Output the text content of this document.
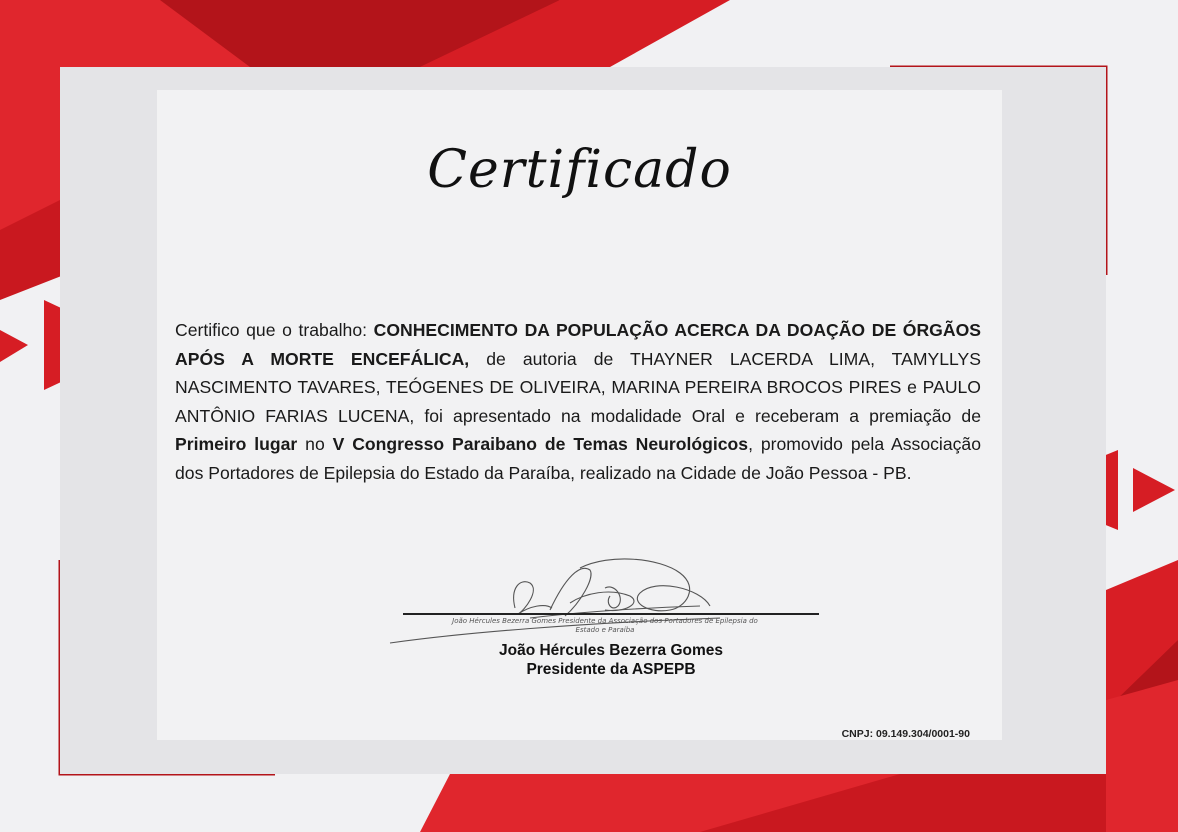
Certificado
Certifico que o trabalho: CONHECIMENTO DA POPULAÇÃO ACERCA DA DOAÇÃO DE ÓRGÃOS APÓS A MORTE ENCEFÁLICA, de autoria de THAYNER LACERDA LIMA, TAMYLLYS NASCIMENTO TAVARES, TEÓGENES DE OLIVEIRA, MARINA PEREIRA BROCOS PIRES e PAULO ANTÔNIO FARIAS LUCENA, foi apresentado na modalidade Oral e receberam a premiação de Primeiro lugar no V Congresso Paraibano de Temas Neurológicos, promovido pela Associação dos Portadores de Epilepsia do Estado da Paraíba, realizado na Cidade de João Pessoa - PB.
João Hércules Bezerra Gomes Presidente da Associação dos Portadores de Epilepsia do Estado e Paraíba
João Hércules Bezerra Gomes
Presidente da ASPEPB
CNPJ: 09.149.304/0001-90
